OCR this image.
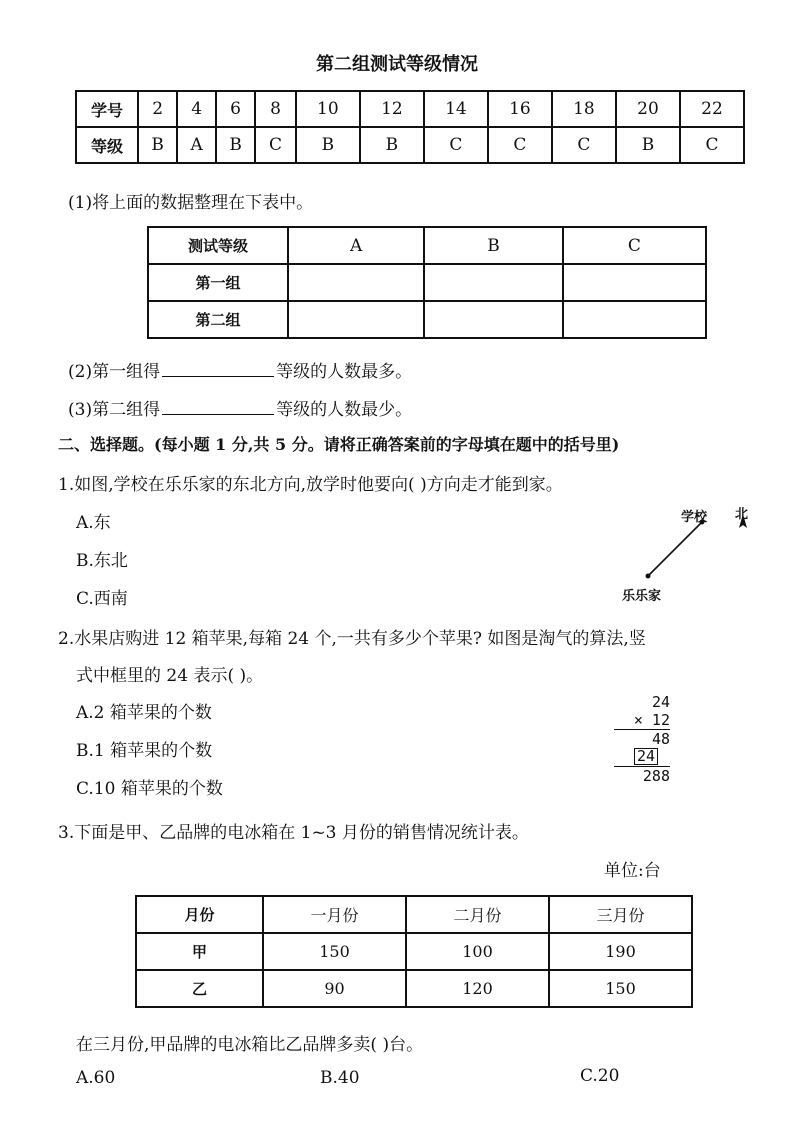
第二组测试等级情况
学号	2	4	6	8	10	12	14	16	18	20	22
等级	B	A	B	C	B	B	C	C	C	B	C
(1)将上面的数据整理在下表中。
测试等级	A	B	C
第一组			
第二组			
(2)第一组得	等级的人数最多。
(3)第二组得	等级的人数最少。
二、选择题。(每小题 1 分,共 5 分。请将正确答案前的字母填在题中的括号里)
1.如图,学校在乐乐家的东北方向,放学时他要向( )方向走才能到家。
A.东
B.东北
C.西南
学校 北
乐乐家
2.水果店购进 12 箱苹果,每箱 24 个,一共有多少个苹果? 如图是淘气的算法,竖
式中框里的 24 表示( )。
A.2 箱苹果的个数
B.1 箱苹果的个数
C.10 箱苹果的个数
24
× 12
48
24
288
3.下面是甲、乙品牌的电冰箱在 1~3 月份的销售情况统计表。
单位:台
月份	一月份	二月份	三月份
甲	150	100	190
乙	90	120	150
在三月份,甲品牌的电冰箱比乙品牌多卖( )台。
A.60	B.40	C.20
